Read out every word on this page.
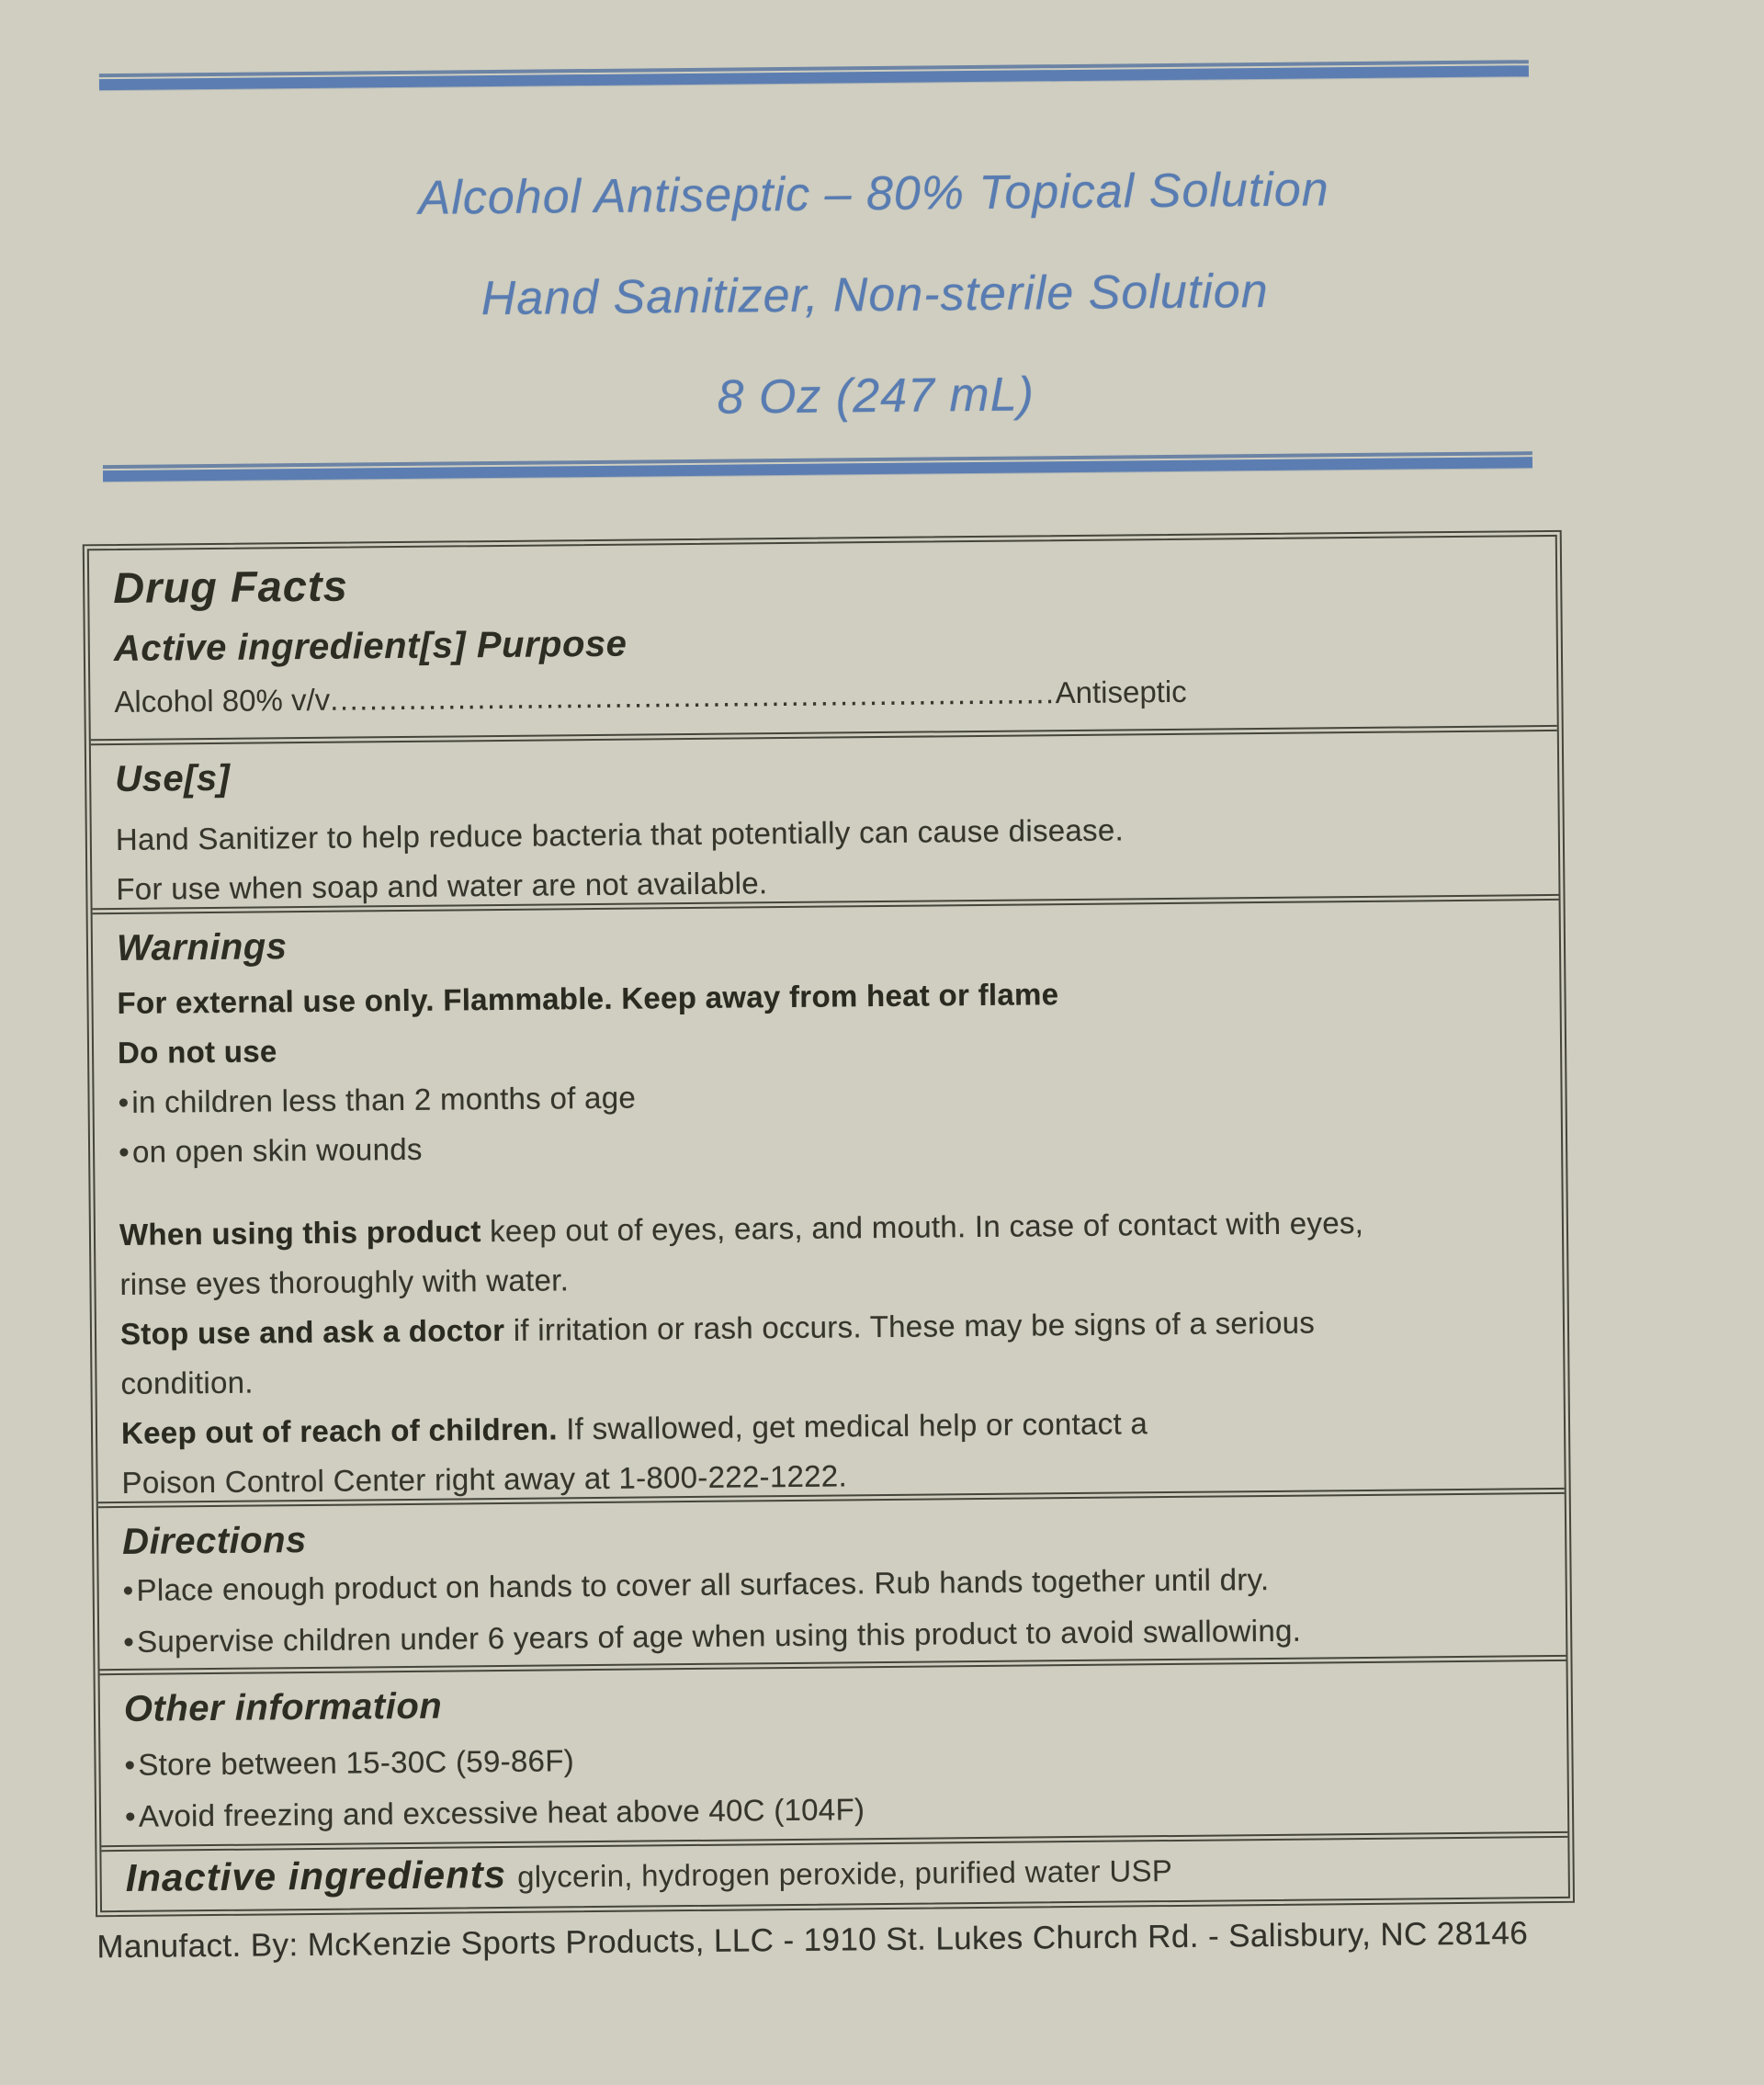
Alcohol Antiseptic – 80% Topical Solution
Hand Sanitizer, Non-sterile Solution
8 Oz (247 mL)
Drug Facts
Active ingredient[s] Purpose
Alcohol 80% v/v..........................................................................Antiseptic
Use[s]
Hand Sanitizer to help reduce bacteria that potentially can cause disease.
For use when soap and water are not available.
Warnings
For external use only. Flammable. Keep away from heat or flame
Do not use
•in children less than 2 months of age
•on open skin wounds
When using this product keep out of eyes, ears, and mouth. In case of contact with eyes,
rinse eyes thoroughly with water.
Stop use and ask a doctor if irritation or rash occurs. These may be signs of a serious
condition.
Keep out of reach of children. If swallowed, get medical help or contact a
Poison Control Center right away at 1-800-222-1222.
Directions
•Place enough product on hands to cover all surfaces. Rub hands together until dry.
•Supervise children under 6 years of age when using this product to avoid swallowing.
Other information
•Store between 15-30C (59-86F)
•Avoid freezing and excessive heat above 40C (104F)
Inactive ingredients glycerin, hydrogen peroxide, purified water USP
Manufact. By: McKenzie Sports Products, LLC - 1910 St. Lukes Church Rd. - Salisbury, NC 28146
